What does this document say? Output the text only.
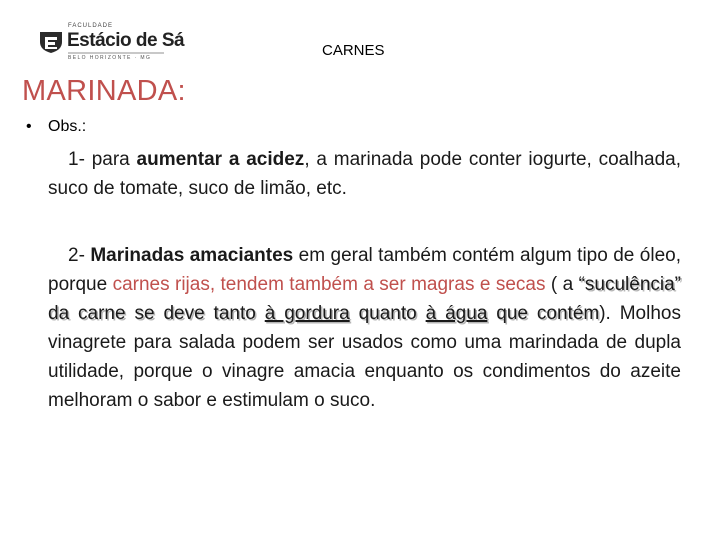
FACULDADE
Estácio de Sá
BELO HORIZONTE · MG	CARNES
MARINADA:
• Obs.:
1- para aumentar a acidez, a marinada pode conter iogurte, coalhada, suco de tomate, suco de limão, etc.
2- Marinadas amaciantes em geral também contém algum tipo de óleo, porque carnes rijas, tendem também a ser magras e secas ( a “suculência” da carne se deve tanto à gordura quanto à água que contém). Molhos vinagrete para salada podem ser usados como uma marindada de dupla utilidade, porque o vinagre amacia enquanto os condimentos do azeite melhoram o sabor e estimulam o suco.
